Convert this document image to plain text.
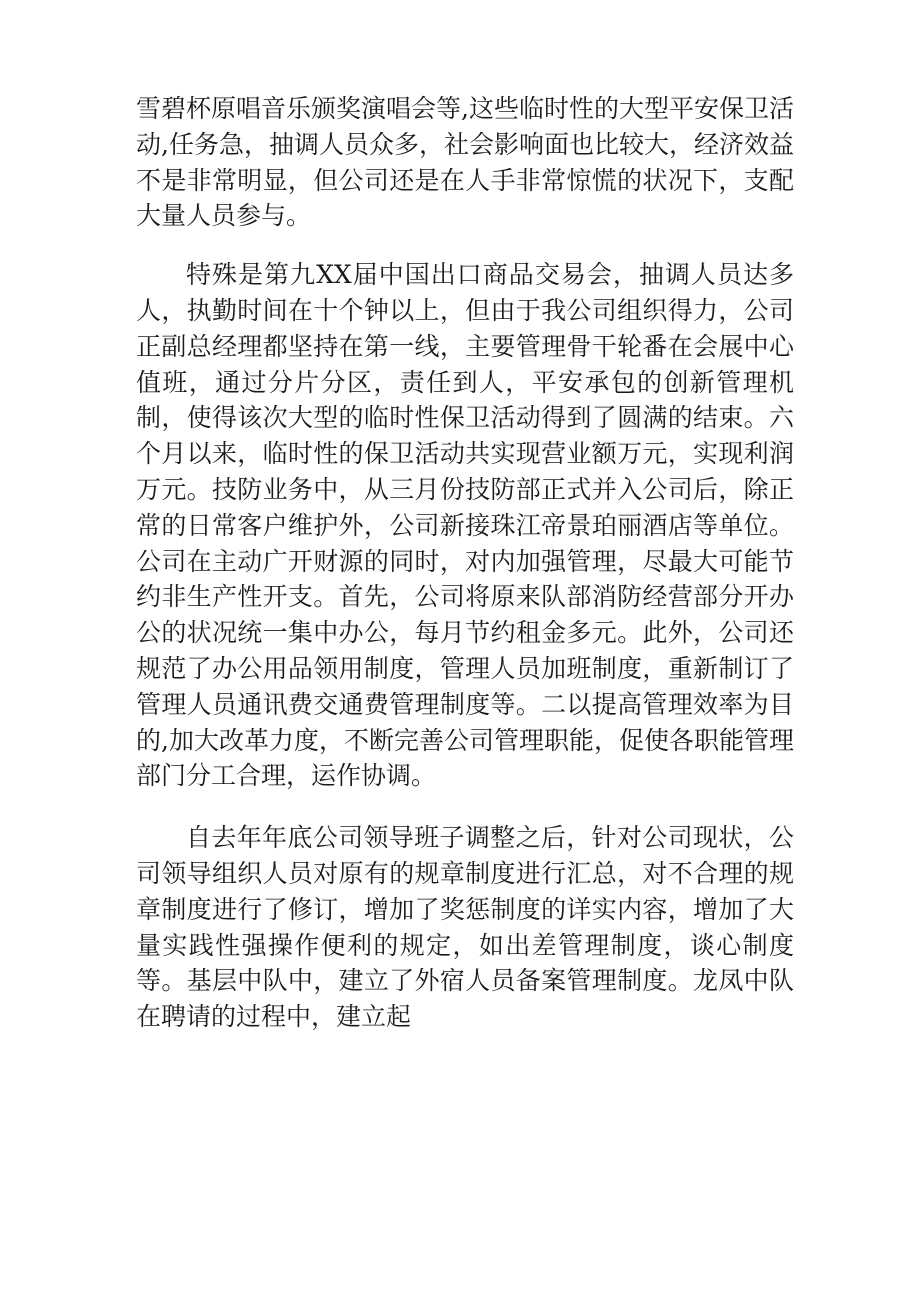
雪碧杯原唱音乐颁奖演唱会等,这些临时性的大型平安保卫活动,任务急，抽调人员众多，社会影响面也比较大，经济效益不是非常明显，但公司还是在人手非常惊慌的状况下，支配大量人员参与。

特殊是第九XX届中国出口商品交易会，抽调人员达多人，执勤时间在十个钟以上，但由于我公司组织得力，公司正副总经理都坚持在第一线，主要管理骨干轮番在会展中心值班，通过分片分区，责任到人，平安承包的创新管理机制，使得该次大型的临时性保卫活动得到了圆满的结束。六个月以来，临时性的保卫活动共实现营业额万元，实现利润万元。技防业务中，从三月份技防部正式并入公司后，除正常的日常客户维护外，公司新接珠江帝景珀丽酒店等单位。公司在主动广开财源的同时，对内加强管理，尽最大可能节约非生产性开支。首先，公司将原来队部消防经营部分开办公的状况统一集中办公，每月节约租金多元。此外，公司还规范了办公用品领用制度，管理人员加班制度，重新制订了管理人员通讯费交通费管理制度等。二以提高管理效率为目的,加大改革力度，不断完善公司管理职能，促使各职能管理部门分工合理，运作协调。

自去年年底公司领导班子调整之后，针对公司现状，公司领导组织人员对原有的规章制度进行汇总，对不合理的规章制度进行了修订，增加了奖惩制度的详实内容，增加了大量实践性强操作便利的规定，如出差管理制度，谈心制度等。基层中队中，建立了外宿人员备案管理制度。龙凤中队在聘请的过程中，建立起
